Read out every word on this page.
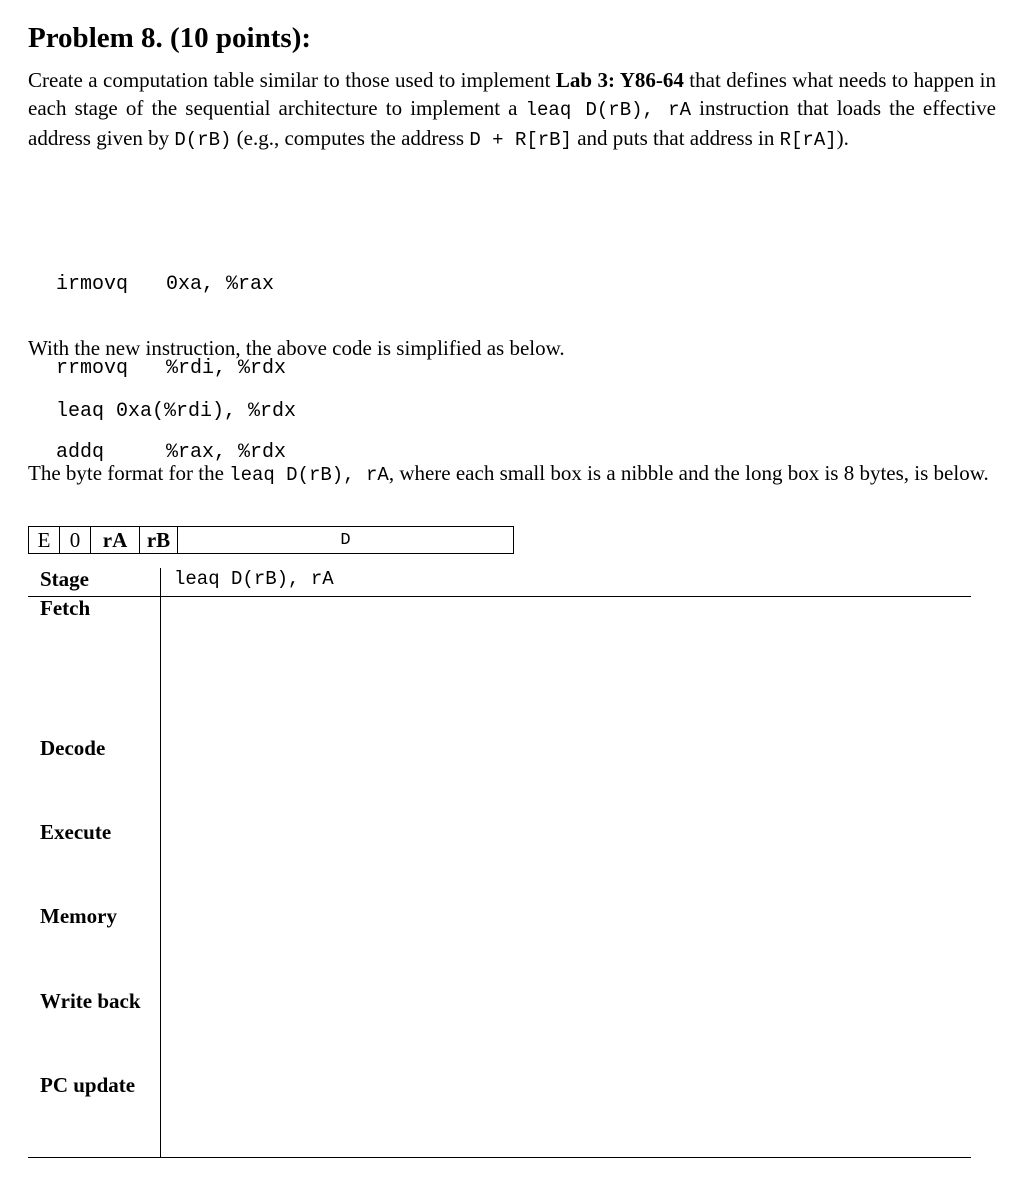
Problem 8. (10 points):

Create a computation table similar to those used to implement Lab 3: Y86-64 that defines what needs to happen in each stage of the sequential architecture to implement a leaq D(rB), rA instruction that loads the effective address given by D(rB) (e.g., computes the address D + R[rB] and puts that address in R[rA]).

irmovq	0xa, %rax

rrmovq	%rdi, %rdx

addq	%rax, %rdx

With the new instruction, the above code is simplified as below.

leaq 0xa(%rdi), %rdx

The byte format for the leaq D(rB), rA, where each small box is a nibble and the long box is 8 bytes, is below.

E 0	rA rB	D
Stage	leaq D(rB), rA
Fetch
Decode
Execute
Memory
Write back
PC update
